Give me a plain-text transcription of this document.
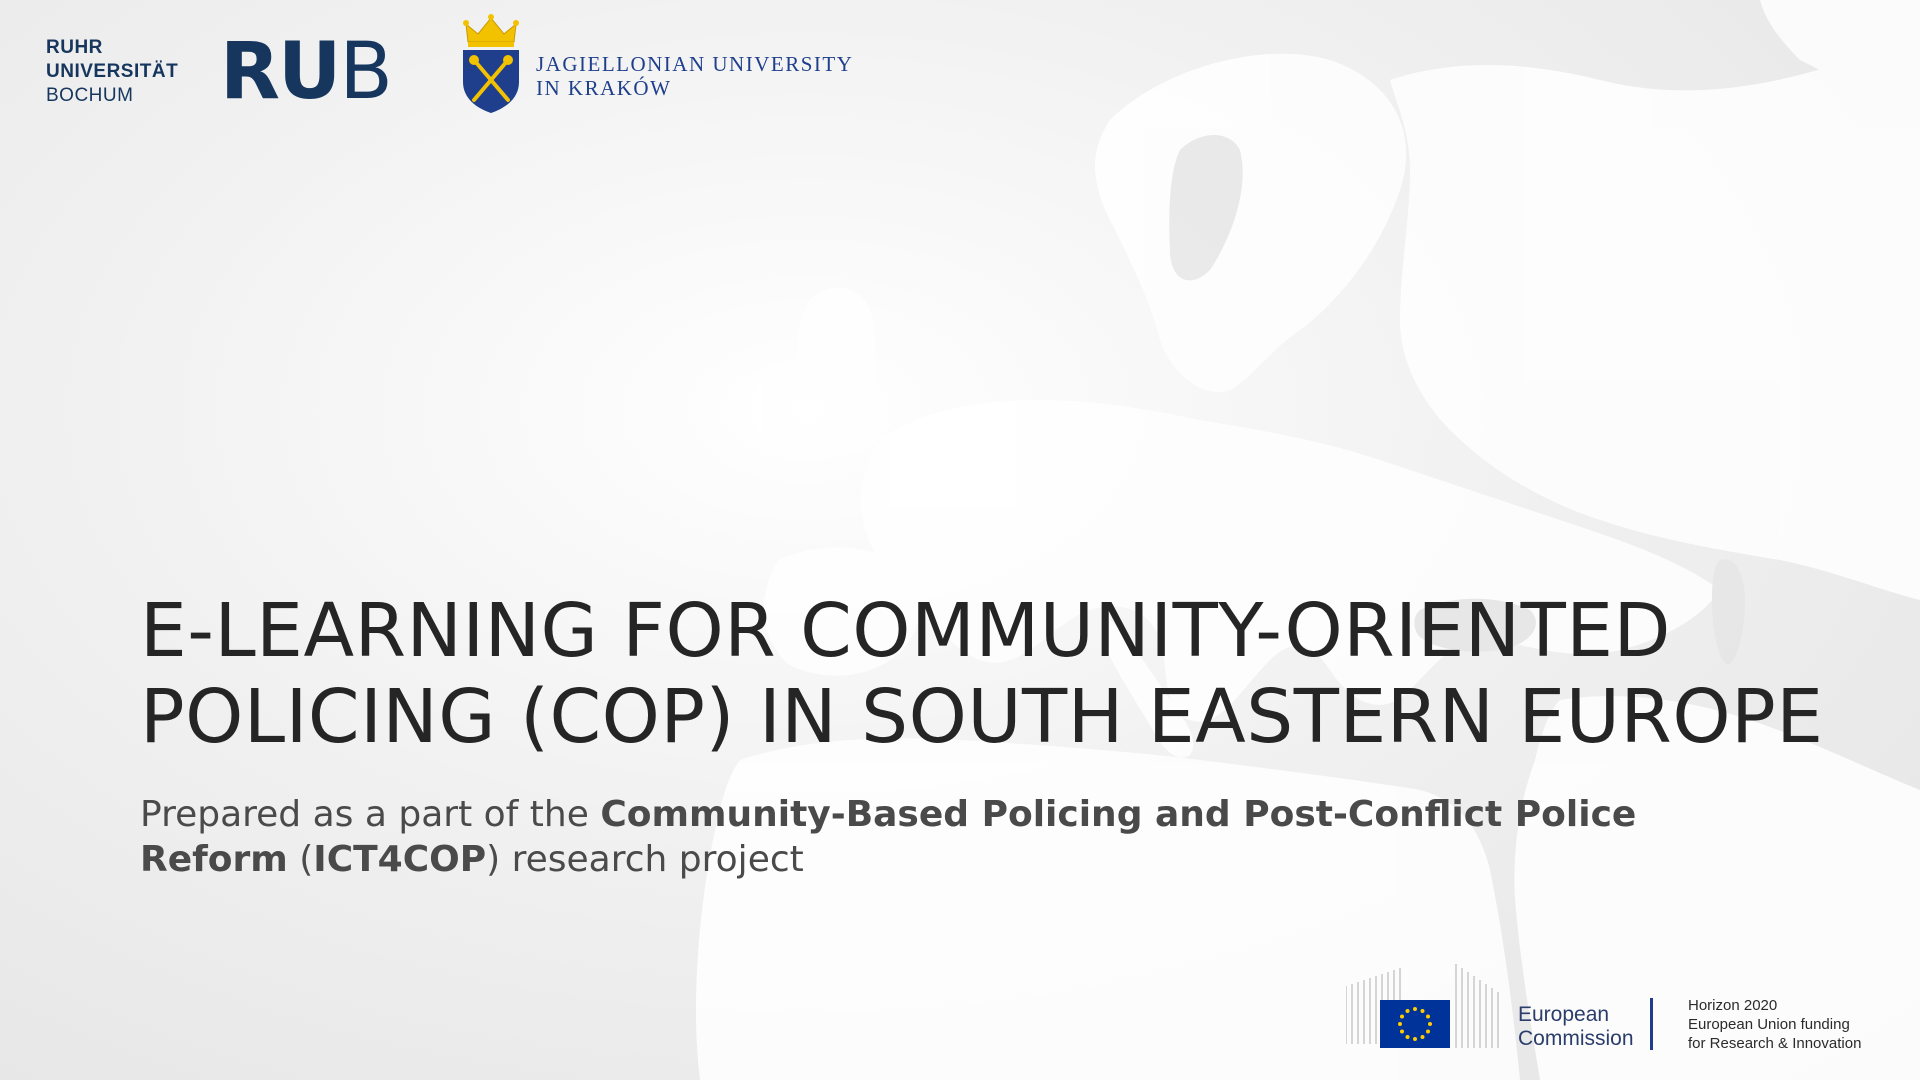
RUHR
UNIVERSITÄT
BOCHUM	RUB	JAGIELLONIAN UNIVERSITY
IN KRAKÓW
E-LEARNING FOR COMMUNITY-ORIENTED
POLICING (COP) IN SOUTH EASTERN EUROPE

Prepared as a part of the Community-Based Policing and Post-Conflict Police Reform (ICT4COP) research project

European
Commission
Horizon 2020
European Union funding
for Research & Innovation
